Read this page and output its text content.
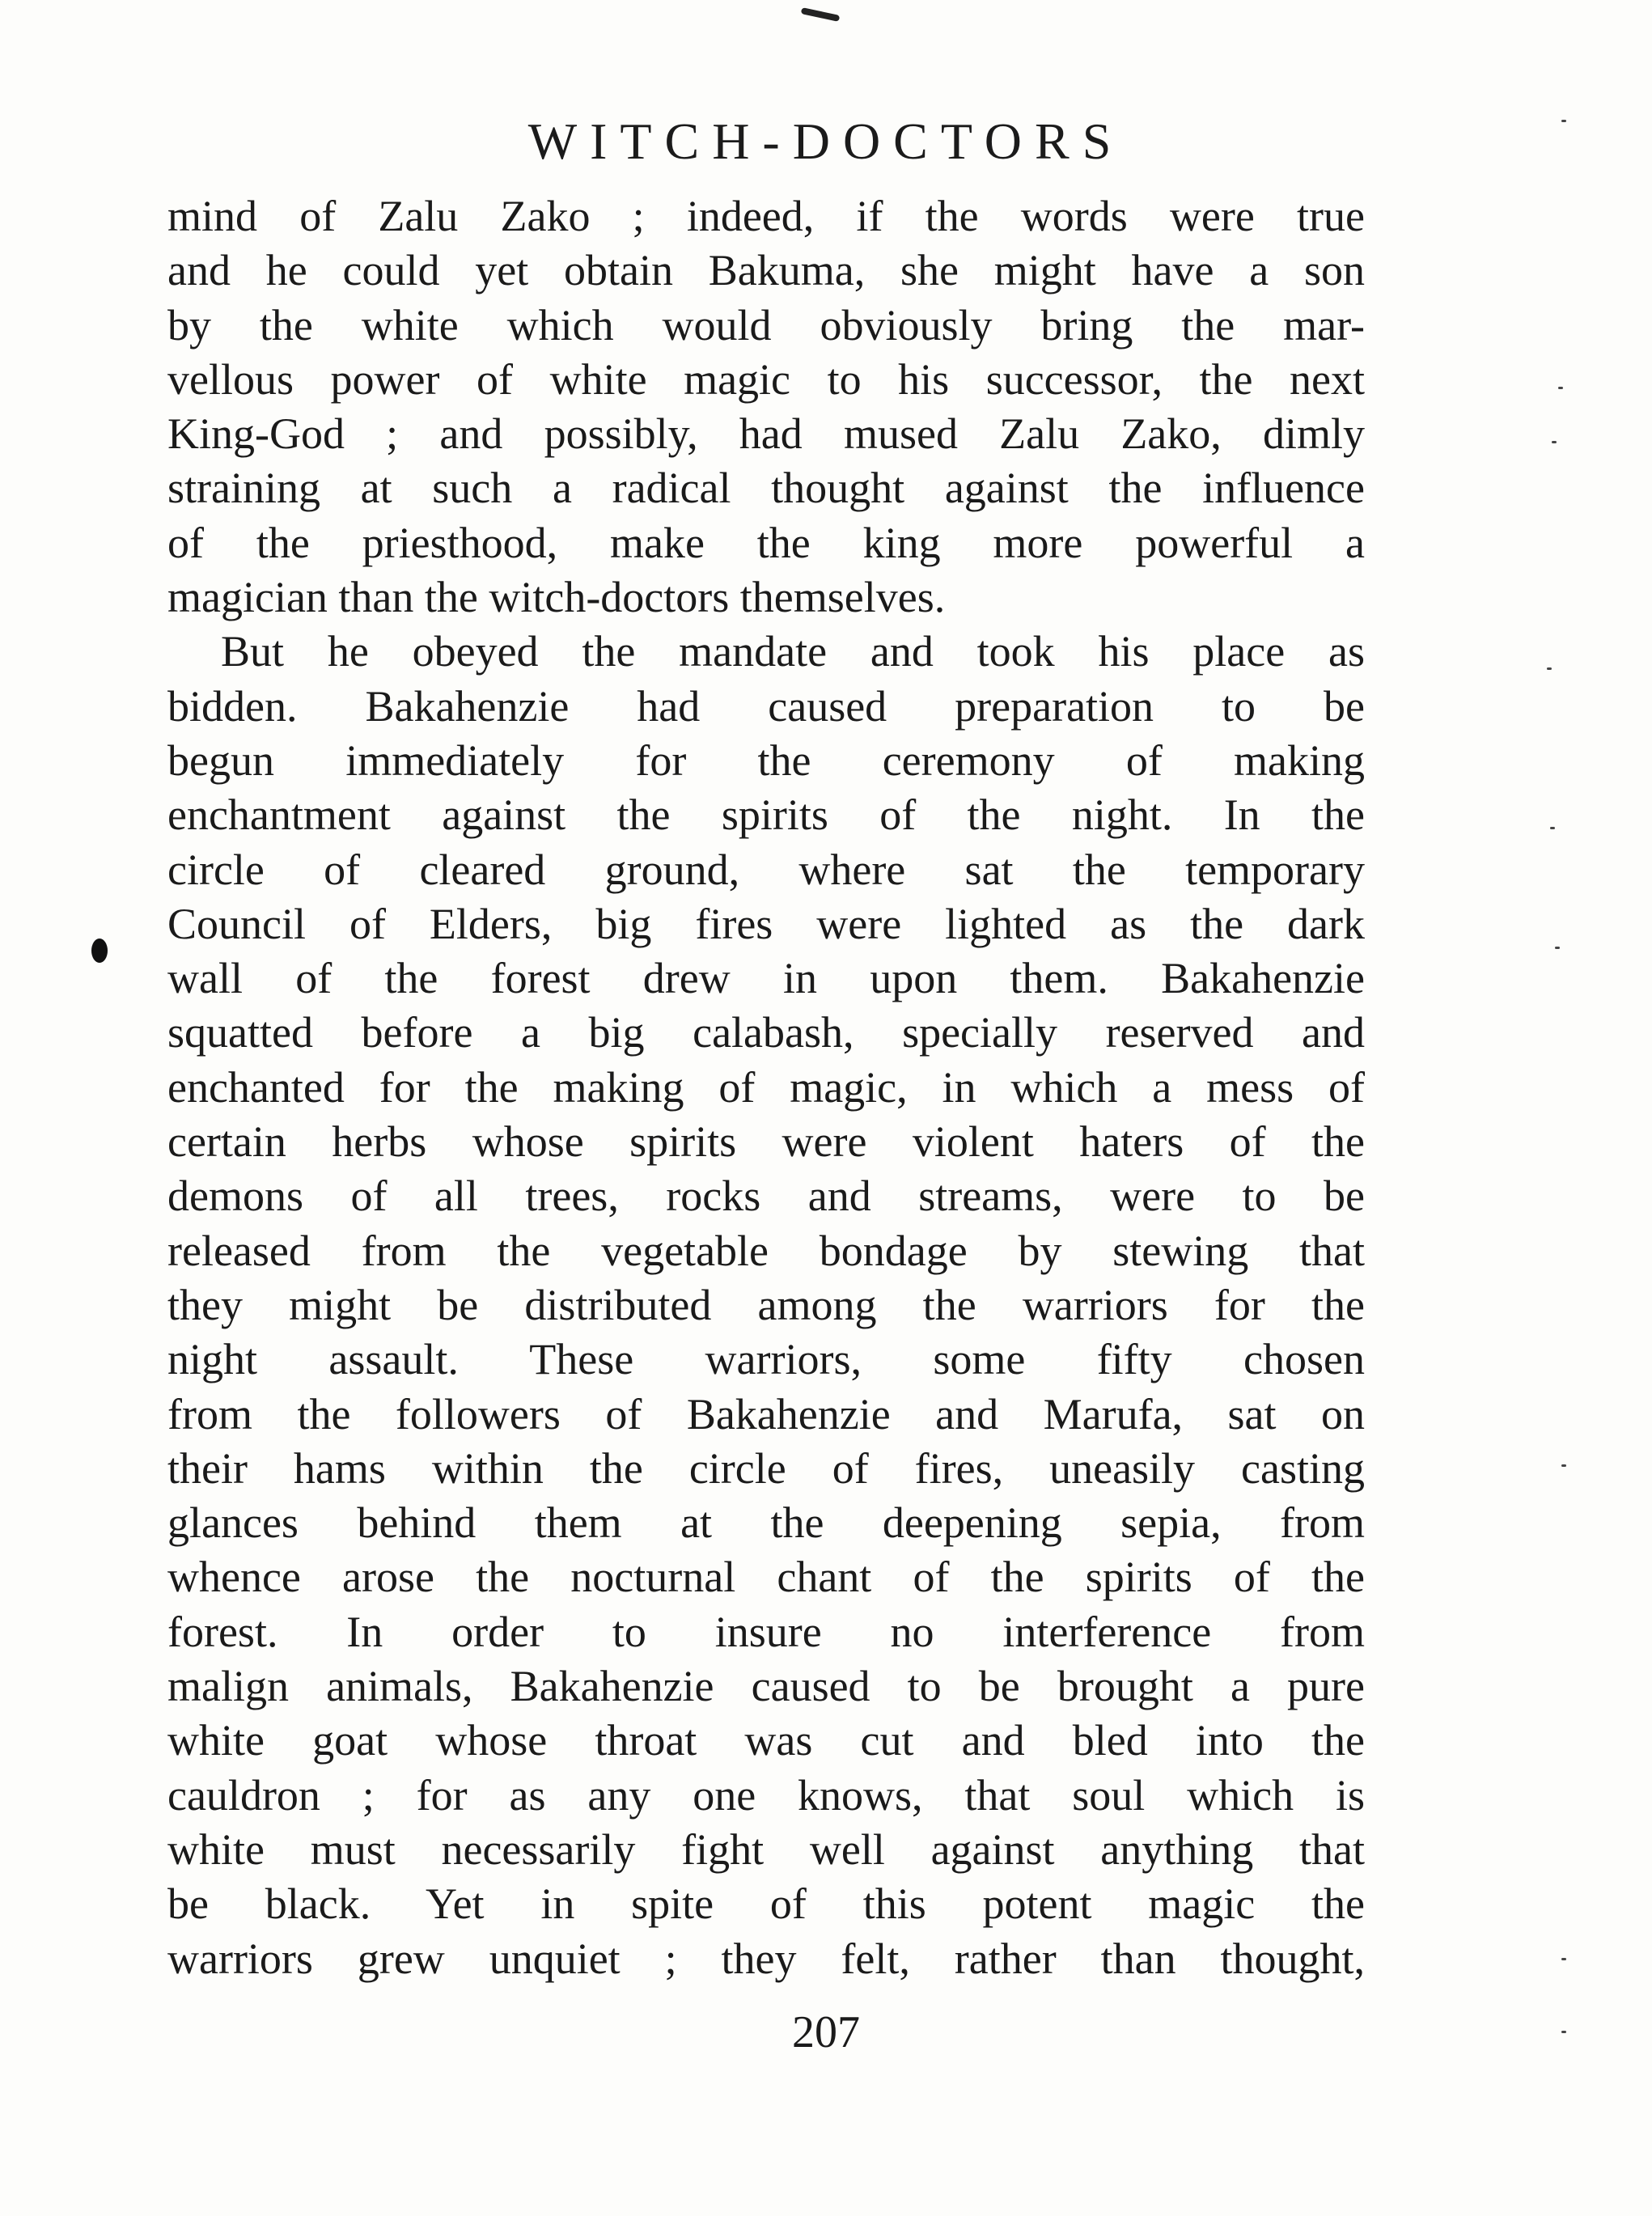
WITCH-DOCTORS
mind of Zalu Zako ; indeed, if the words were true
and he could yet obtain Bakuma, she might have a son
by the white which would obviously bring the mar-
vellous power of white magic to his successor, the next
King-God ; and possibly, had mused Zalu Zako, dimly
straining at such a radical thought against the influence
of the priesthood, make the king more powerful a
magician than the witch-doctors themselves.
But he obeyed the mandate and took his place as
bidden. Bakahenzie had caused preparation to be
begun immediately for the ceremony of making
enchantment against the spirits of the night. In the
circle of cleared ground, where sat the temporary
Council of Elders, big fires were lighted as the dark
wall of the forest drew in upon them. Bakahenzie
squatted before a big calabash, specially reserved and
enchanted for the making of magic, in which a mess of
certain herbs whose spirits were violent haters of the
demons of all trees, rocks and streams, were to be
released from the vegetable bondage by stewing that
they might be distributed among the warriors for the
night assault. These warriors, some fifty chosen
from the followers of Bakahenzie and Marufa, sat on
their hams within the circle of fires, uneasily casting
glances behind them at the deepening sepia, from
whence arose the nocturnal chant of the spirits of the
forest. In order to insure no interference from
malign animals, Bakahenzie caused to be brought a pure
white goat whose throat was cut and bled into the
cauldron ; for as any one knows, that soul which is
white must necessarily fight well against anything that
be black. Yet in spite of this potent magic the
warriors grew unquiet ; they felt, rather than thought,
207
